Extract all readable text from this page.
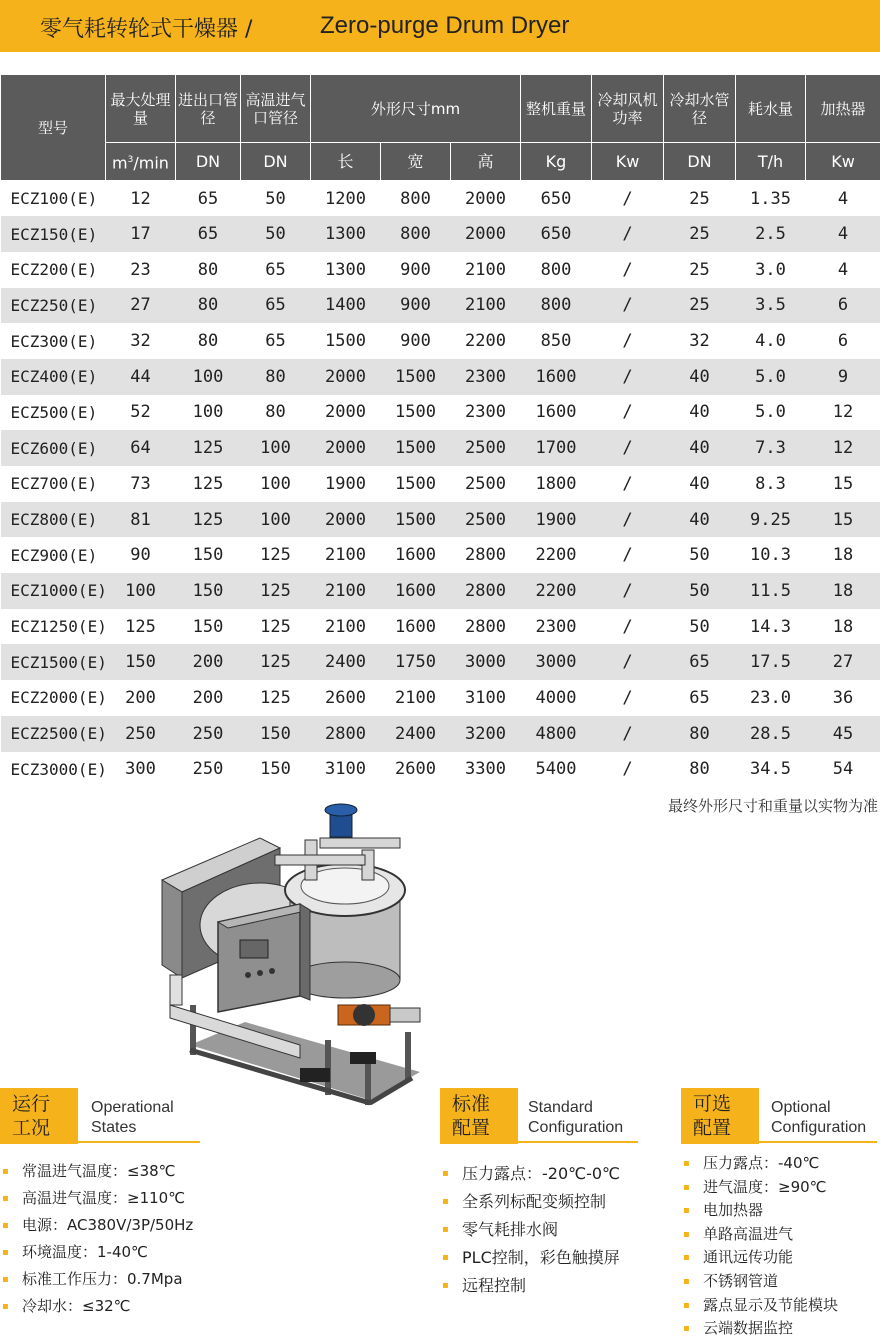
零气耗转轮式干燥器 /	Zero-purge Drum Dryer
型号	最大处理量	进出口管径	高温进气口管径	外形尺寸mm			整机重量	冷却风机功率	冷却水管径	耗水量	加热器
	$m^3/\min$	DN	DN	长	宽	高	Kg	Kw	DN	T/h	Kw
ECZ100(E)	12	65	50	1200	800	2000	650	/	25	1.35	4
ECZ150(E)	17	65	50	1300	800	2000	650	/	25	2.5	4
ECZ200(E)	23	80	65	1300	900	2100	800	/	25	3.0	4
ECZ250(E)	27	80	65	1400	900	2100	800	/	25	3.5	6
ECZ300(E)	32	80	65	1500	900	2200	850	/	32	4.0	6
ECZ400(E)	44	100	80	2000	1500	2300	1600	/	40	5.0	9
ECZ500(E)	52	100	80	2000	1500	2300	1600	/	40	5.0	12
ECZ600(E)	64	125	100	2000	1500	2500	1700	/	40	7.3	12
ECZ700(E)	73	125	100	1900	1500	2500	1800	/	40	8.3	15
ECZ800(E)	81	125	100	2000	1500	2500	1900	/	40	9.25	15
ECZ900(E)	90	150	125	2100	1600	2800	2200	/	50	10.3	18
ECZ1000(E)	100	150	125	2100	1600	2800	2200	/	50	11.5	18
ECZ1250(E)	125	150	125	2100	1600	2800	2300	/	50	14.3	18
ECZ1500(E)	150	200	125	2400	1750	3000	3000	/	65	17.5	27
ECZ2000(E)	200	200	125	2600	2100	3100	4000	/	65	23.0	36
ECZ2500(E)	250	250	150	2800	2400	3200	4800	/	80	28.5	45
ECZ3000(E)	300	250	150	3100	2600	3300	5400	/	80	34.5	54
最终外形尺寸和重量以实物为准
运行
工况
Operational
States
▪ 常温进气温度：≤38℃
▪ 高温进气温度：≥110℃
▪ 电源：AC380V/3P/50Hz
▪ 环境温度：1-40℃
▪ 标准工作压力：0.7Mpa
▪ 冷却水：≤32℃
标准
配置
Standard
Configuration
▪ 压力露点：-20℃-0℃
▪ 全系列标配变频控制
▪ 零气耗排水阀
▪ PLC控制，彩色触摸屏
▪ 远程控制
可选
配置
Optional
Configuration
▪ 压力露点：-40℃
▪ 进气温度：≥90℃
▪ 电加热器
▪ 单路高温进气
▪ 通讯远传功能
▪ 不锈钢管道
▪ 露点显示及节能模块
▪ 云端数据监控
